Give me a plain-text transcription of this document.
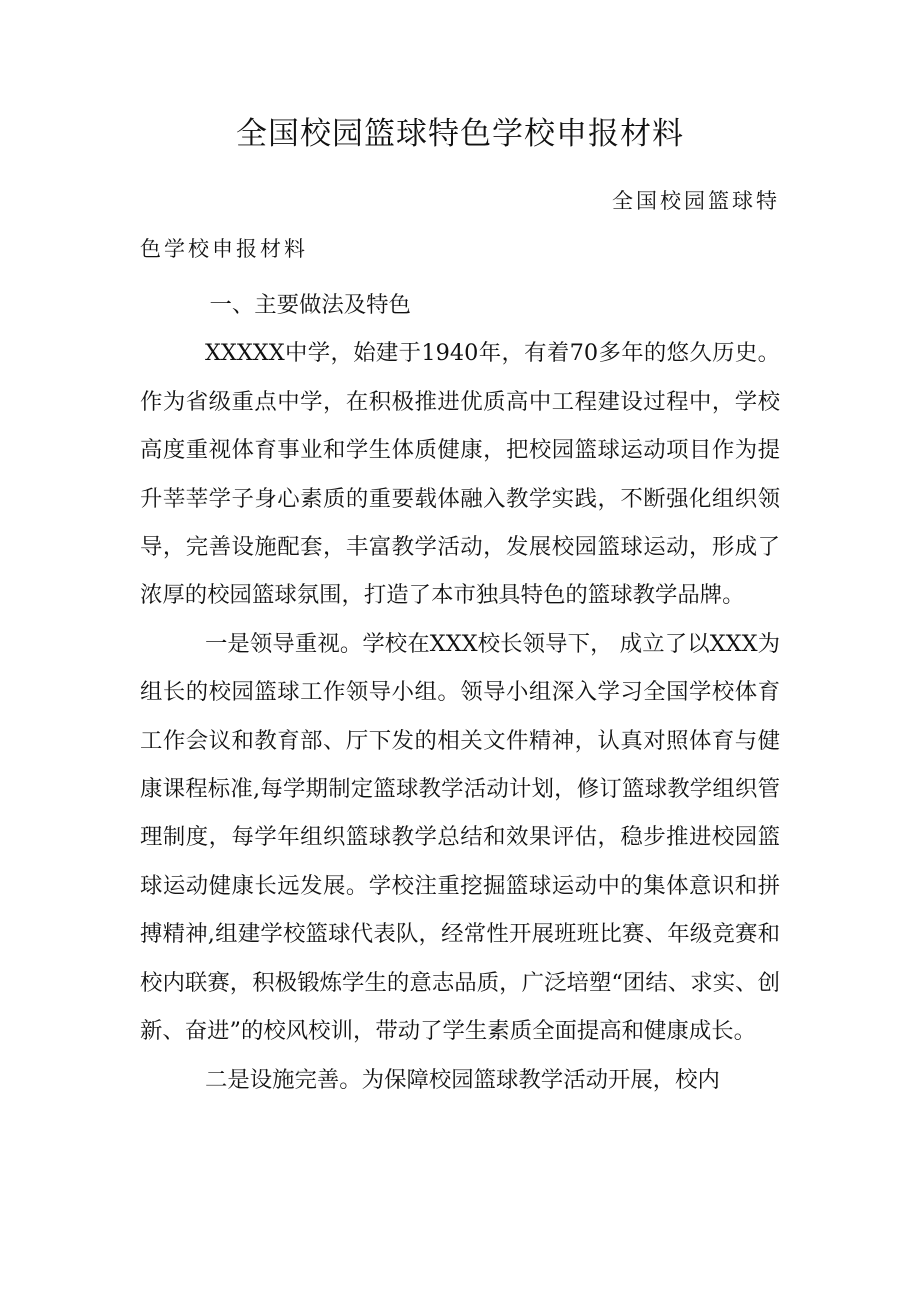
全国校园篮球特色学校申报材料
全国校园篮球特
色学校申报材料

一、主要做法及特色

XXXXX中学，始建于1940年，有着70多年的悠久历史。作为省级重点中学，在积极推进优质高中工程建设过程中，学校高度重视体育事业和学生体质健康，把校园篮球运动项目作为提升莘莘学子身心素质的重要载体融入教学实践，不断强化组织领导，完善设施配套，丰富教学活动，发展校园篮球运动，形成了浓厚的校园篮球氛围，打造了本市独具特色的篮球教学品牌。

一是领导重视。学校在XXX校长领导下， 成立了以XXX为组长的校园篮球工作领导小组。领导小组深入学习全国学校体育工作会议和教育部、厅下发的相关文件精神，认真对照体育与健康课程标准,每学期制定篮球教学活动计划，修订篮球教学组织管理制度，每学年组织篮球教学总结和效果评估，稳步推进校园篮球运动健康长远发展。学校注重挖掘篮球运动中的集体意识和拼搏精神,组建学校篮球代表队，经常性开展班班比赛、年级竞赛和校内联赛，积极锻炼学生的意志品质，广泛培塑“团结、求实、创新、奋进”的校风校训，带动了学生素质全面提高和健康成长。

二是设施完善。为保障校园篮球教学活动开展，校内
